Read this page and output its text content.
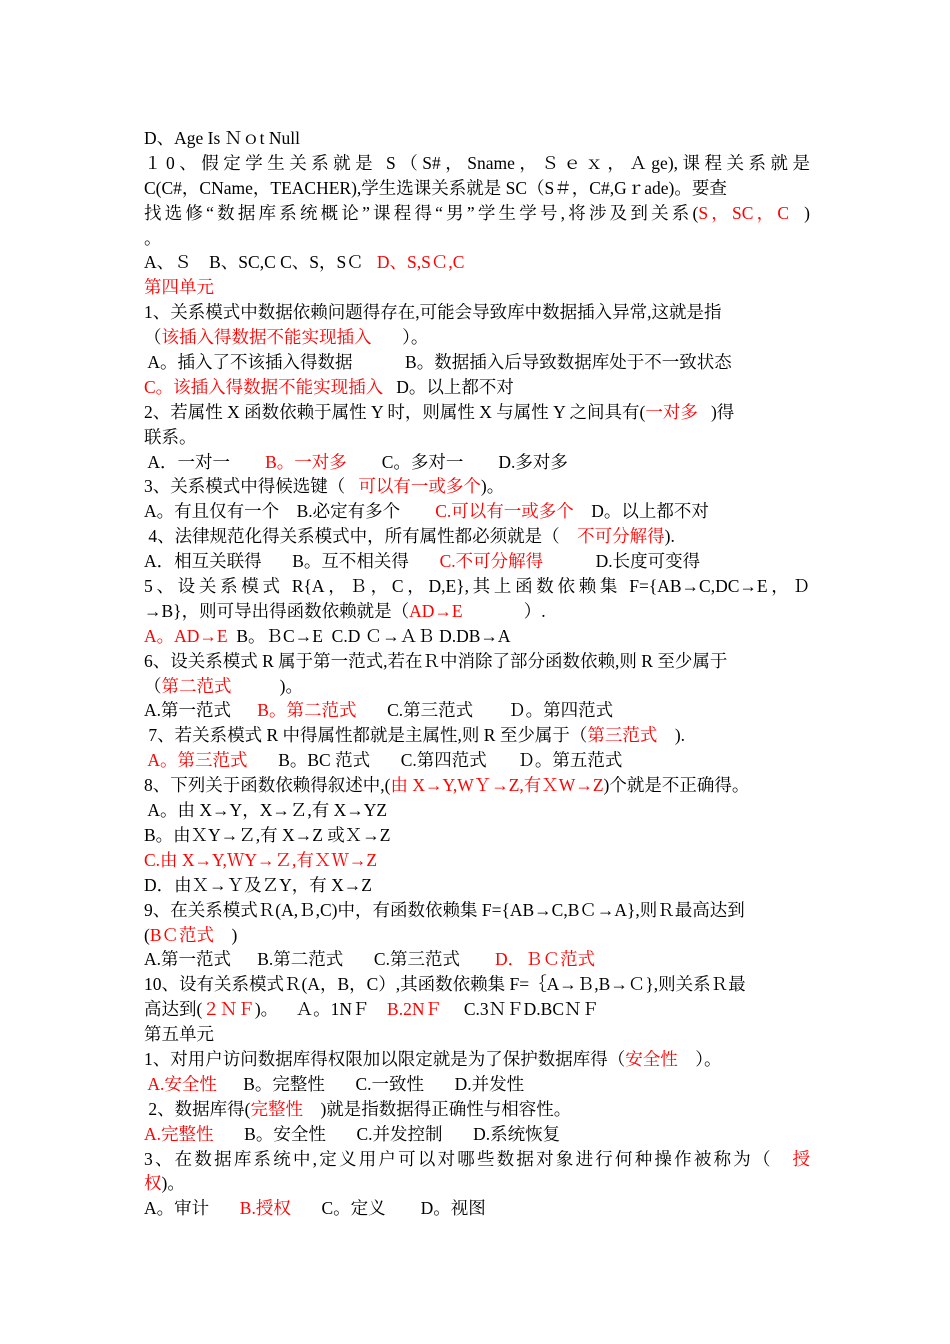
D、Age Is Ｎｏt Null
１0、假定学生关系就是 S（S#，Sname，Ｓｅｘ，Ａge),课程关系就是
C(C#，CName，TEACHER),学生选课关系就是 SC（S＃，C#,Gｒade)。要查
找选修“数据库系统概论”课程得“男”学生学号,将涉及到关系(S，SC，C  )
。
A、Ｓ    B、SC,C C、S，SＣ   D、S,SＣ,C
第四单元
1、关系模式中数据依赖问题得存在,可能会导致库中数据插入异常,这就是指
（该插入得数据不能实现插入       ）。
A。插入了不该插入得数据            B。数据插入后导致数据库处于不一致状态
C。该插入得数据不能实现插入   D。以上都不对
2、若属性 X 函数依赖于属性 Y 时，则属性 X 与属性 Y 之间具有(一对多   )得
联系。
A．一对一        B。一对多        C。多对一        D.多对多
3、关系模式中得候选键（   可以有一或多个)。
A。有且仅有一个    B.必定有多个        C.可以有一或多个    D。以上都不对
4、法律规范化得关系模式中，所有属性都必须就是（    不可分解得).
A．相互关联得       B。互不相关得       C.不可分解得            D.长度可变得
5、设关系模式 R{A，Ｂ，C，D,E},其上函数依赖集 F={AB→C,DC→E，Ｄ
→B}，则可导出得函数依赖就是（AD→E              ）.
A。AD→E  B。ＢC→E  C.D Ｃ→ＡＢ D.DB→A
6、设关系模式 R 属于第一范式,若在Ｒ中消除了部分函数依赖,则 R 至少属于
（第二范式           )。
A.第一范式      B。第二范式       C.第三范式        Ｄ。第四范式
7、若关系模式 R 中得属性都就是主属性,则 R 至少属于（第三范式    ).
A。第三范式       B。BC 范式       C.第四范式       Ｄ。第五范式
8、下列关于函数依赖得叙述中,(由 X→Y,WＹ→Z,有ＸW→Z)个就是不正确得。
A。由 X→Y，X→Ｚ,有 X→YZ
B。由ＸY→Ｚ,有 X→Z 或Ｘ→Z
C.由 X→Y,ＷY→Ｚ,有ＸＷ→Z
D．由Ｘ→Ｙ及ＺY，有 X→Z
9、在关系模式Ｒ(A,Ｂ,C)中，有函数依赖集 F={AB→C,BＣ→A},则Ｒ最高达到
(BＣ范式    )
A.第一范式      B.第二范式       C.第三范式        D．ＢＣ范式
10、设有关系模式Ｒ(A，B，C）,其函数依赖集 F=｛A→Ｂ,B→Ｃ},则关系Ｒ最
高达到(２ＮＦ)。    Ａ。1NＦ    B.2NＦ     C.3ＮＦD.BCＮＦ
第五单元
1、对用户访问数据库得权限加以限定就是为了保护数据库得（安全性    ）。
A.安全性      B。完整性       C.一致性       D.并发性
2、数据库得(完整性    )就是指数据得正确性与相容性。
A.完整性       B。安全性       C.并发控制       D.系统恢复
3、在数据库系统中,定义用户可以对哪些数据对象进行何种操作被称为（   授
权)。
A。审计       B.授权       C。定义        D。视图
